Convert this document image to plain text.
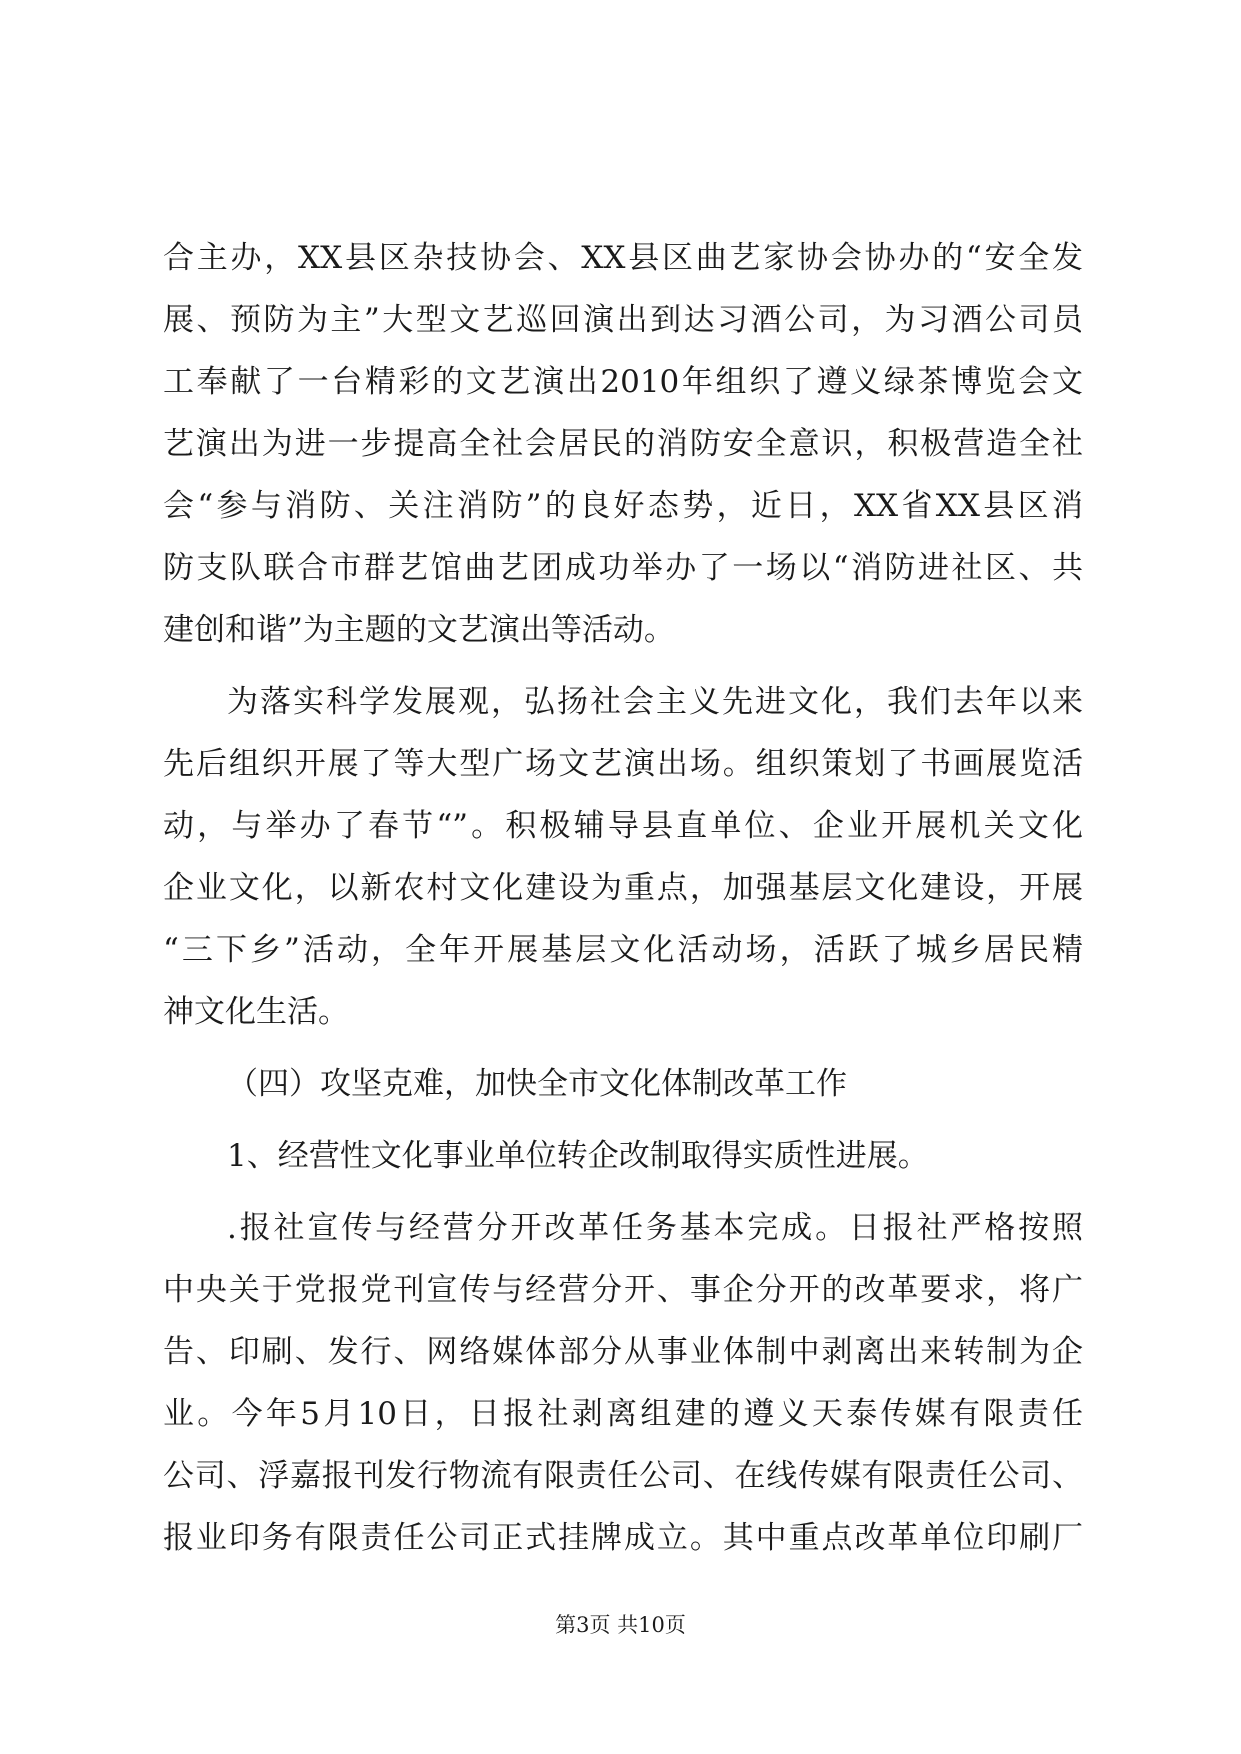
合主办，XX县区杂技协会、XX县区曲艺家协会协办的“安全发
展、预防为主”大型文艺巡回演出到达习酒公司，为习酒公司员
工奉献了一台精彩的文艺演出2010年组织了遵义绿茶博览会文
艺演出为进一步提高全社会居民的消防安全意识，积极营造全社
会“参与消防、关注消防”的良好态势，近日，XX省XX县区消
防支队联合市群艺馆曲艺团成功举办了一场以“消防进社区、共
建创和谐”为主题的文艺演出等活动。
为落实科学发展观，弘扬社会主义先进文化，我们去年以来
先后组织开展了等大型广场文艺演出场。组织策划了书画展览活
动，与举办了春节“”。积极辅导县直单位、企业开展机关文化
企业文化，以新农村文化建设为重点，加强基层文化建设，开展
“三下乡”活动，全年开展基层文化活动场，活跃了城乡居民精
神文化生活。
（四）攻坚克难，加快全市文化体制改革工作
1、经营性文化事业单位转企改制取得实质性进展。
.报社宣传与经营分开改革任务基本完成。日报社严格按照
中央关于党报党刊宣传与经营分开、事企分开的改革要求，将广
告、印刷、发行、网络媒体部分从事业体制中剥离出来转制为企
业。今年5月10日，日报社剥离组建的遵义天泰传媒有限责任
公司、浮嘉报刊发行物流有限责任公司、在线传媒有限责任公司、
报业印务有限责任公司正式挂牌成立。其中重点改革单位印刷厂
第3页 共10页
